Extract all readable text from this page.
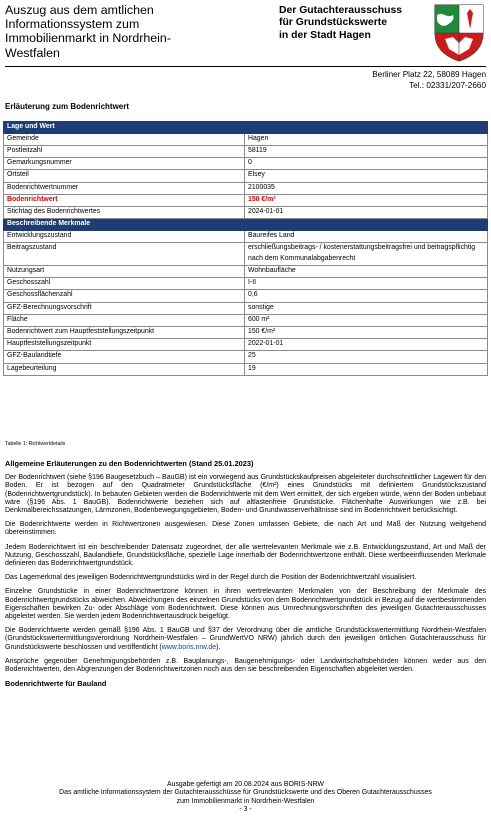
Auszug aus dem amtlichen
Informationssystem zum
Immobilienmarkt in Nordrhein-
Westfalen
Der Gutachterausschuss
für Grundstückswerte
in der Stadt Hagen
Berliner Platz 22, 58089 Hagen
Tel.: 02331/207-2660
Erläuterung zum Bodenrichtwert
Lage und Wert	
Gemeinde	Hagen
Postleitzahl	58119
Gemarkungsnummer	0
Ortsteil	Elsey
Bodenrichtwertnummer	2100035
Bodenrichtwert	150 €/m²
Stichtag des Bodenrichtwertes	2024-01-01
Beschreibende Merkmale	
Entwicklungszustand	Baureifes Land
Beitragszustand	erschließungsbeitrags- / kostenerstattungsbeitragsfrei und beitragspflichtig nach dem Kommunalabgabenrecht
Nutzungsart	Wohnbaufläche
Geschosszahl	I-II
Geschossflächenzahl	0,6
GFZ-Berechnungsvorschrift	sonstige
Fläche	600 m²
Bodenrichtwert zum Hauptfeststellungszeitpunkt	150 €/m²
Hauptfeststellungszeitpunkt	2022-01-01
GFZ-Baulandtiefe	25
Lagebeurteilung	19
Tabelle 1: Richtwertdetails
Allgemeine Erläuterungen zu den Bodenrichtwerten (Stand 25.01.2023)

Der Bodenrichtwert (siehe §196 Baugesetzbuch – BauGB) ist ein vorwiegend aus Grundstückskaufpreisen abgeleiteter durchschnittlicher Lagewert für den Boden. Er ist bezogen auf den Quadratmeter Grundstücksfläche (€/m²) eines Grundstücks mit definiertem Grundstückszustand (Bodenrichtwertgrundstück). In bebauten Gebieten werden die Bodenrichtwerte mit dem Wert ermittelt, der sich ergeben würde, wenn der Boden unbebaut wäre (§196 Abs. 1 BauGB). Bodenrichtwerte beziehen sich auf altlastenfreie Grundstücke. Flächenhafte Auswirkungen wie z.B. bei Denkmalbereichssatzungen, Lärmzonen, Bodenbewegungsgebieten, Boden- und Grundwasserverhältnisse sind im Bodenrichtwert berücksichtigt.

Die Bodenrichtwerte werden in Richtwertzonen ausgewiesen. Diese Zonen umfassen Gebiete, die nach Art und Maß der Nutzung weitgehend übereinstimmen.

Jedem Bodenrichtwert ist ein beschreibender Datensatz zugeordnet, der alle wertrelevanten Merkmale wie z.B. Entwicklungszustand, Art und Maß der Nutzung, Geschosszahl, Baulandtiefe, Grundstücksfläche, spezielle Lage innerhalb der Bodenrichtwertzone enthält. Diese wertbeeinflussenden Merkmale definieren das Bodenrichtwertgrundstück.

Das Lagemerkmal des jeweiligen Bodenrichtwertgrundstücks wird in der Regel durch die Position der Bodenrichtwertzahl visualisiert.

Einzelne Grundstücke in einer Bodenrichtwertzone können in ihren wertrelevanten Merkmalen von der Beschreibung der Merkmale des Bodenrichtwertgrundstücks abweichen. Abweichungen des einzelnen Grundstücks von dem Bodenrichtwertgrundstück in Bezug auf die wertbestimmenden Eigenschaften bewirken Zu- oder Abschläge vom Bodenrichtwert. Diese können aus Umrechnungsvorschriften des jeweiligen Gutachterausschusses abgeleitet werden. Sie werden jedem Bodenrichtwertausdruck beigefügt.

Die Bodenrichtwerte werden gemäß §196 Abs. 1 BauGB und §37 der Verordnung über die amtliche Grundstückswertermittlung Nordrhein-Westfalen (Grundstückswertermittlungsverordnung Nordrhein-Westfalen – GrundWertVO NRW) jährlich durch den jeweiligen örtlichen Gutachterausschuss für Grundstückswerte beschlossen und veröffentlicht (www.boris.nrw.de).

Ansprüche gegenüber Genehmigungsbehörden z.B. Bauplanungs-, Baugenehmigungs- oder Landwirtschaftsbehörden können weder aus den Bodenrichtwerten, den Abgrenzungen der Bodenrichtwertzonen noch aus den sie beschreibenden Eigenschaften abgeleitet werden.

Bodenrichtwerte für Bauland
Ausgabe gefertigt am 20.08.2024 aus BORIS-NRW
Das amtliche Informationssystem der Gutachterausschüsse für Grundstückswerte und des Oberen Gutachterausschusses
zum Immobilienmarkt in Nordrhein-Westfalen
- 3 -
